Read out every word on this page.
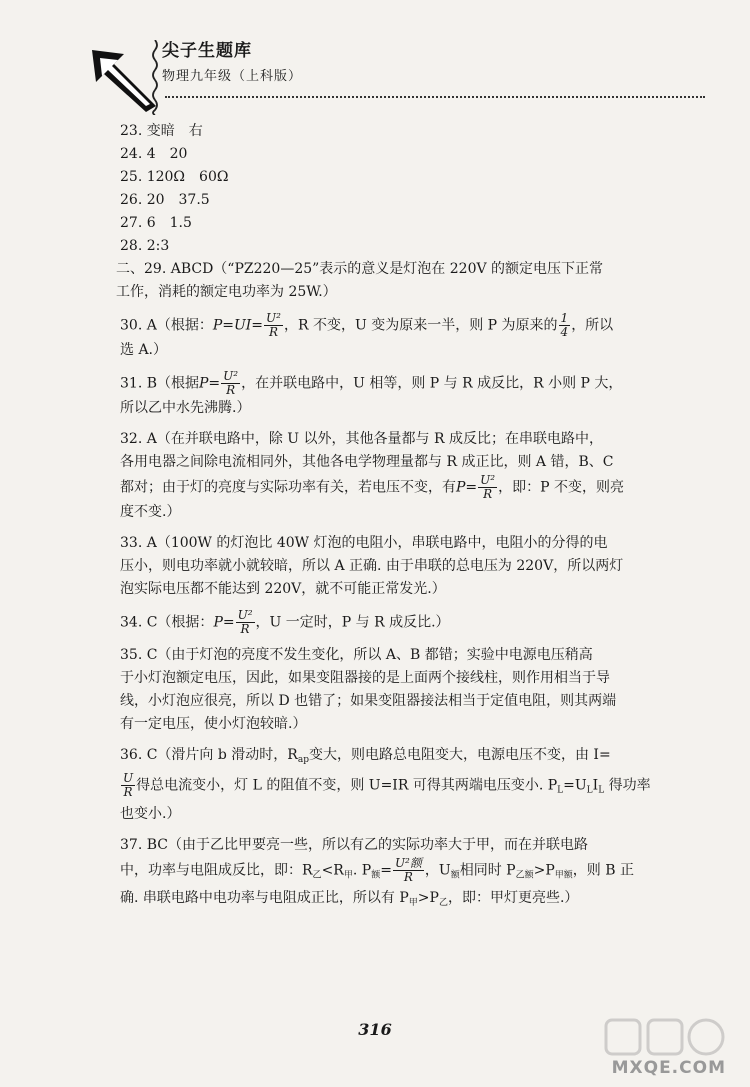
尖子生题库
物理九年级（上科版）

23. 变暗　右

24. 4　20

25. 120Ω　60Ω

26. 20　37.5

27. 6　1.5

28. 2:3

二、29. ABCD（“PZ220—25”表示的意义是灯泡在 220V 的额定电压下正常

工作，消耗的额定电功率为 25W.）

30. A（根据：$P=UI= \frac{\text{U²}}{R}$ ，R 不变，U 变为原来一半，则 P 为原来的 $\frac{1}{4}$ ，所以

选 A.）

31. B（根据$P= \frac{\text{U²}}{R}$ ，在并联电路中，U 相等，则 P 与 R 成反比，R 小则 P 大，

所以乙中水先沸腾.）

32. A（在并联电路中，除 U 以外，其他各量都与 R 成反比；在串联电路中，

各用电器之间除电流相同外，其他各电学物理量都与 R 成正比，则 A 错，B、C

都对；由于灯的亮度与实际功率有关，若电压不变，有$P= \frac{\text{U²}}{R}$ ，即：P 不变，则亮

度不变.）

33. A（100W 的灯泡比 40W 灯泡的电阻小，串联电路中，电阻小的分得的电

压小，则电功率就小就较暗，所以 A 正确. 由于串联的总电压为 220V，所以两灯

泡实际电压都不能达到 220V，就不可能正常发光.）

34. C（根据：$P= \frac{\text{U²}}{R}$ ，U 一定时，P 与 R 成反比.）

35. C（由于灯泡的亮度不发生变化，所以 A、B 都错；实验中电源电压稍高

于小灯泡额定电压，因此，如果变阻器接的是上面两个接线柱，则作用相当于导

线，小灯泡应很亮，所以 D 也错了；如果变阻器接法相当于定值电阻，则其两端

有一定电压，使小灯泡较暗.）

36. C（滑片向 b 滑动时，$R_{ap}$变大，则电路总电阻变大，电源电压不变，由 I=

$\frac{U}{R}$ 得总电流变小，灯 L 的阻值不变，则 U=IR 可得其两端电压变小. $P_L=U_LI_L$ 得功率

也变小.）

37. BC（由于乙比甲要亮一些，所以有乙的实际功率大于甲，而在并联电路

中，功率与电阻成反比，即：$R_乙<R_甲$. $P_额= \frac{\text{U²额}}{R}$ ，$U_额$相同时 $P_{乙额}>P_{甲额}$，则 B 正

确. 串联电路中电功率与电阻成正比，所以有 $P_甲>P_乙$，即：甲灯更亮些.）

316
MXQE.COM
